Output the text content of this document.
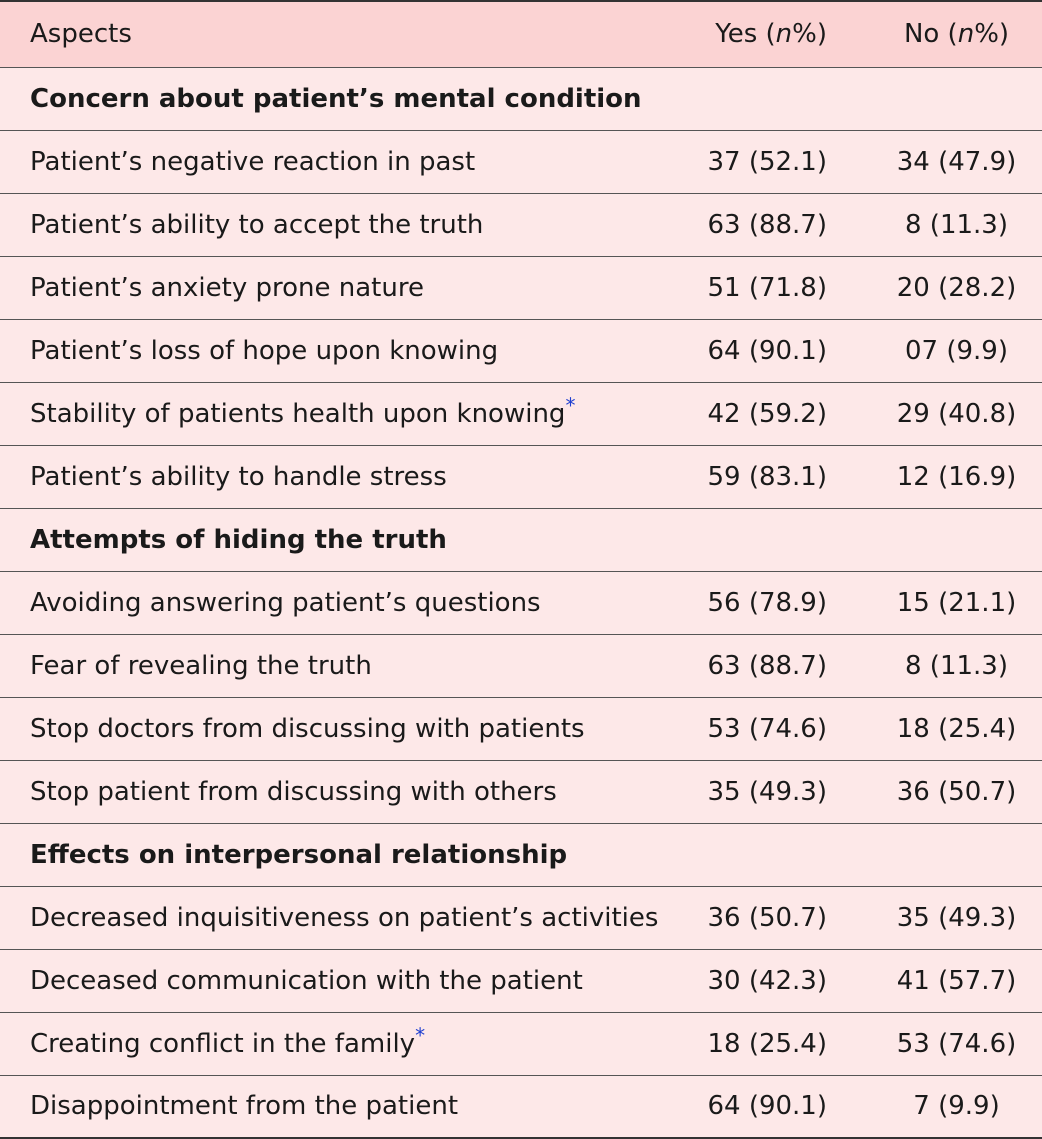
Aspects	Yes (n%)	No (n%)
Concern about patient’s mental condition		
Patient’s negative reaction in past	37 (52.1)	34 (47.9)
Patient’s ability to accept the truth	63 (88.7)	8 (11.3)
Patient’s anxiety prone nature	51 (71.8)	20 (28.2)
Patient’s loss of hope upon knowing	64 (90.1)	07 (9.9)
Stability of patients health upon knowing*	42 (59.2)	29 (40.8)
Patient’s ability to handle stress	59 (83.1)	12 (16.9)
Attempts of hiding the truth		
Avoiding answering patient’s questions	56 (78.9)	15 (21.1)
Fear of revealing the truth	63 (88.7)	8 (11.3)
Stop doctors from discussing with patients	53 (74.6)	18 (25.4)
Stop patient from discussing with others	35 (49.3)	36 (50.7)
Effects on interpersonal relationship		
Decreased inquisitiveness on patient’s activities	36 (50.7)	35 (49.3)
Deceased communication with the patient	30 (42.3)	41 (57.7)
Creating conflict in the family*	18 (25.4)	53 (74.6)
Disappointment from the patient	64 (90.1)	7 (9.9)
